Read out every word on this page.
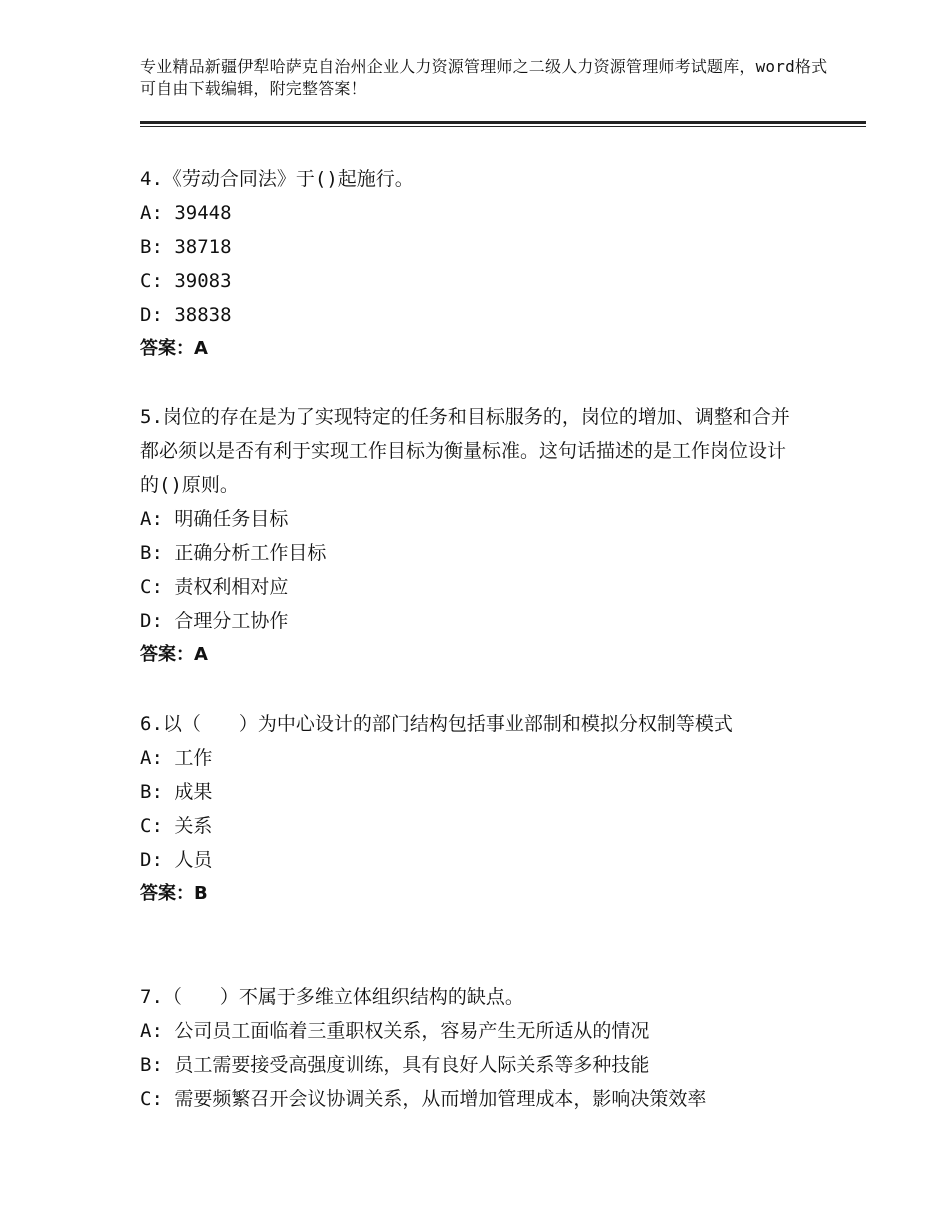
专业精品新疆伊犁哈萨克自治州企业人力资源管理师之二级人力资源管理师考试题库，word格式可自由下载编辑，附完整答案！

4.《劳动合同法》于()起施行。

A: 39448

B: 38718

C: 39083

D: 38838

答案：A

5.岗位的存在是为了实现特定的任务和目标服务的，岗位的增加、调整和合并都必须以是否有利于实现工作目标为衡量标准。这句话描述的是工作岗位设计的()原则。

A: 明确任务目标

B: 正确分析工作目标

C: 责权利相对应

D: 合理分工协作

答案：A

6.以（　　）为中心设计的部门结构包括事业部制和模拟分权制等模式

A: 工作

B: 成果

C: 关系

D: 人员

答案：B

7.（　　）不属于多维立体组织结构的缺点。

A: 公司员工面临着三重职权关系，容易产生无所适从的情况

B: 员工需要接受高强度训练，具有良好人际关系等多种技能

C: 需要频繁召开会议协调关系，从而增加管理成本，影响决策效率
